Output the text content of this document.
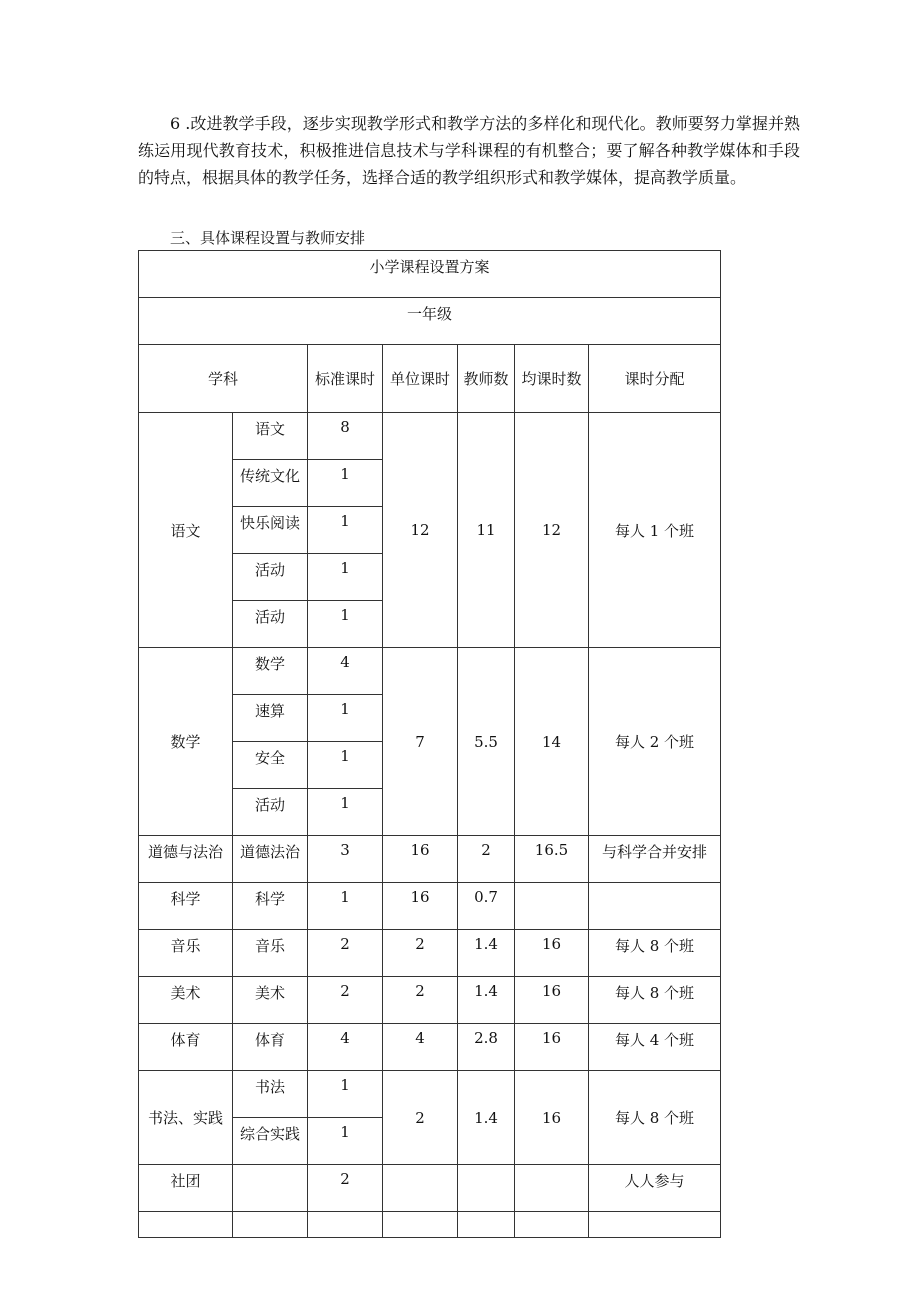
6 .改进教学手段，逐步实现教学形式和教学方法的多样化和现代化。教师要努力掌握并熟练运用现代教育技术，积极推进信息技术与学科课程的有机整合；要了解各种教学媒体和手段的特点，根据具体的教学任务，选择合适的教学组织形式和教学媒体，提高教学质量。

三、具体课程设置与教师安排

小学课程设置方案						
一年级						
学科		标准课时	单位课时	教师数	均课时数	课时分配
语文	语文	8	12	11	12	每人 1 个班
	传统文化	1				
	快乐阅读	1				
	活动	1				
	活动	1				
数学	数学	4	7	5.5	14	每人 2 个班
	速算	1				
	安全	1				
	活动	1				
道德与法治	道德法治	3	16	2	16.5	与科学合并安排
科学	科学	1	16	0.7		
音乐	音乐	2	2	1.4	16	每人 8 个班
美术	美术	2	2	1.4	16	每人 8 个班
体育	体育	4	4	2.8	16	每人 4 个班
书法、实践	书法	1	2	1.4	16	每人 8 个班
	综合实践	1				
社团		2				人人参与
